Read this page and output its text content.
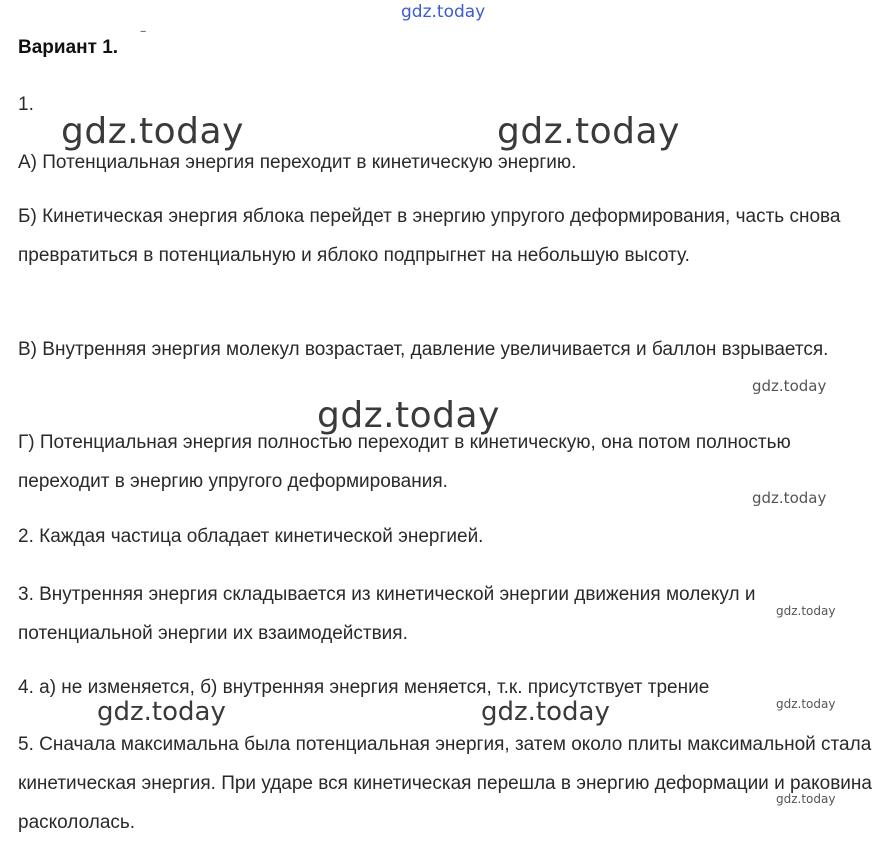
gdz.today
Вариант 1.
‾
1.
А) Потенциальная энергия переходит в кинетическую энергию.
Б) Кинетическая энергия яблока перейдет в энергию упругого деформирования, часть снова превратиться в потенциальную и яблоко подпрыгнет на небольшую высоту.
В) Внутренняя энергия молекул возрастает, давление увеличивается и баллон взрывается.
Г) Потенциальная энергия полностью переходит в кинетическую, она потом полностью переходит в энергию упругого деформирования.
2. Каждая частица обладает кинетической энергией.
3. Внутренняя энергия складывается из кинетической энергии движения молекул и потенциальной энергии их взаимодействия.
4. а) не изменяется, б) внутренняя энергия меняется, т.к. присутствует трение
5. Сначала максимальна была потенциальная энергия, затем около плиты максимальной стала кинетическая энергия. При ударе вся кинетическая перешла в энергию деформации и раковина раскололась.
gdz.today	gdz.today
gdz.today
gdz.today	gdz.today
gdz.today
gdz.today
gdz.today
gdz.today
gdz.today
